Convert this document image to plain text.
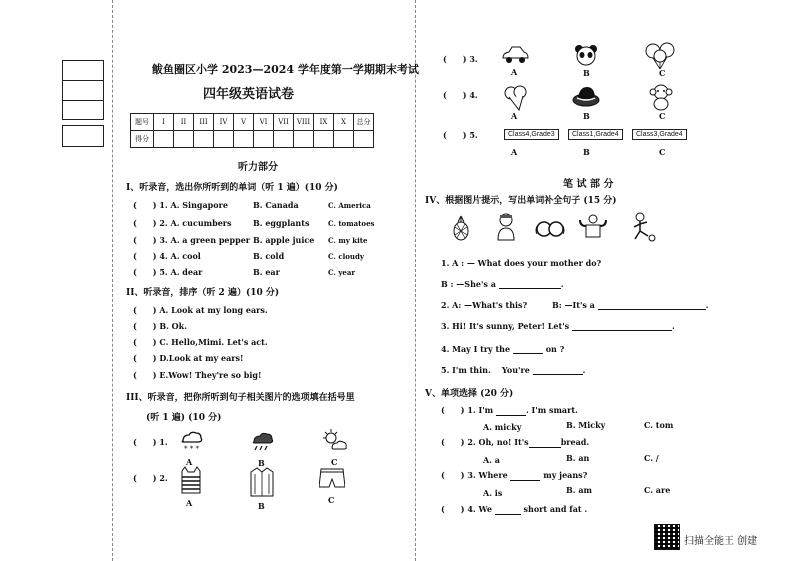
鲅鱼圈区小学 2023—2024 学年度第一学期期末考试
四年级英语试卷
题号	I	II	III	IV	V	VI	VII	VIII	IX	X	总分
得分											
听力部分
I、听录音，选出你所听到的单词（听 1 遍）(10 分)
(　　) 1. A. Singapore	B. Canada	C. America
(　　) 2. A. cucumbers	B. eggplants	C. tomatoes
(　　) 3. A. a green pepper B. apple juice C. my kite
(　　) 4. A. cool	B. cold	C. cloudy
(　　) 5. A. dear	B. ear	C. year
II、听录音，排序（听 2 遍）(10 分)
(　　) A. Look at my long ears.
(　　) B. Ok.
(　　) C. Hello,Mimi. Let's act.
(　　) D.Look at my ears!
(　　) E.Wow! They're so big!
III、听录音，把你所听到句子相关图片的选项填在括号里
(听 1 遍) (10 分)
(　　) 1.
(　　) 2.
* * *
A	B	C
A	B
C
(　　) 3.
A	B	C
(　　) 4.
A	B	C
(　　) 5.	Class4,Grade3	Class1,Grade4	Class3,Grade4
A	B	C
笔 试 部 分
IV、根据图片提示，写出单词补全句子 (15 分)
1. A : — What does your mother do?
B : —She's a	.
2. A: —What's this?	B: —It's a	.
3. Hi! It's sunny, Peter! Let's	.
4. May I try the	on ?
5. I'm thin. You're	.
V、单项选择 (20 分)
(　　) 1. I'm	. I'm smart.
A. micky	B. Micky	C. tom
(　　) 2. Oh, no! It's	bread.
A. a	B. an	C. /
(　　) 3. Where	my jeans?
A. is	B. am	C. are
(　　) 4. We	short and fat .
扫描全能王 创建
